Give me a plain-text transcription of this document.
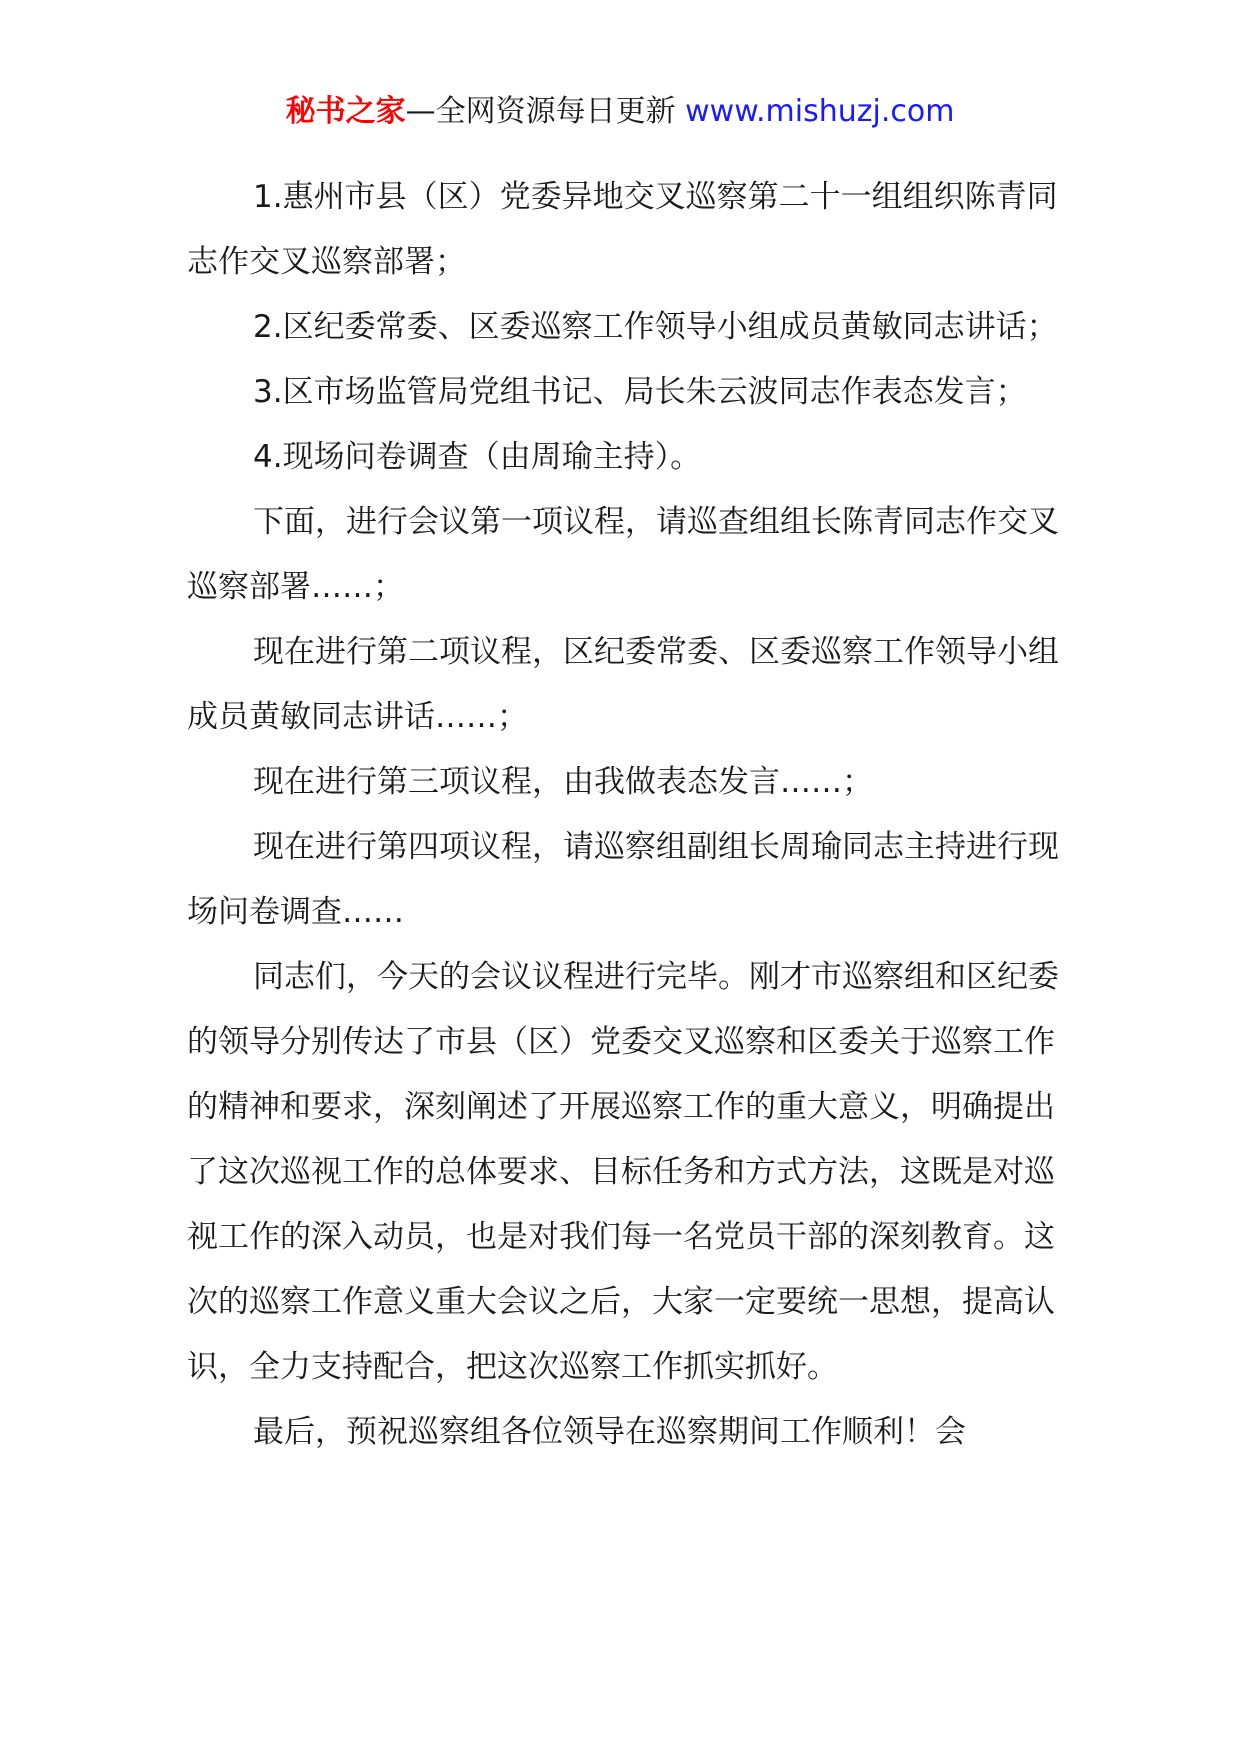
秘书之家—全网资源每日更新 www.mishuzj.com

1.惠州市县（区）党委异地交叉巡察第二十一组组织陈青同志作交叉巡察部署；

2.区纪委常委、区委巡察工作领导小组成员黄敏同志讲话；

3.区市场监管局党组书记、局长朱云波同志作表态发言；

4.现场问卷调查（由周瑜主持）。

下面，进行会议第一项议程，请巡查组组长陈青同志作交叉巡察部署……；

现在进行第二项议程，区纪委常委、区委巡察工作领导小组成员黄敏同志讲话……；

现在进行第三项议程，由我做表态发言……；

现在进行第四项议程，请巡察组副组长周瑜同志主持进行现场问卷调查……

同志们，今天的会议议程进行完毕。刚才市巡察组和区纪委的领导分别传达了市县（区）党委交叉巡察和区委关于巡察工作的精神和要求，深刻阐述了开展巡察工作的重大意义，明确提出了这次巡视工作的总体要求、目标任务和方式方法，这既是对巡视工作的深入动员，也是对我们每一名党员干部的深刻教育。这次的巡察工作意义重大会议之后，大家一定要统一思想，提高认识，全力支持配合，把这次巡察工作抓实抓好。

最后，预祝巡察组各位领导在巡察期间工作顺利！会
